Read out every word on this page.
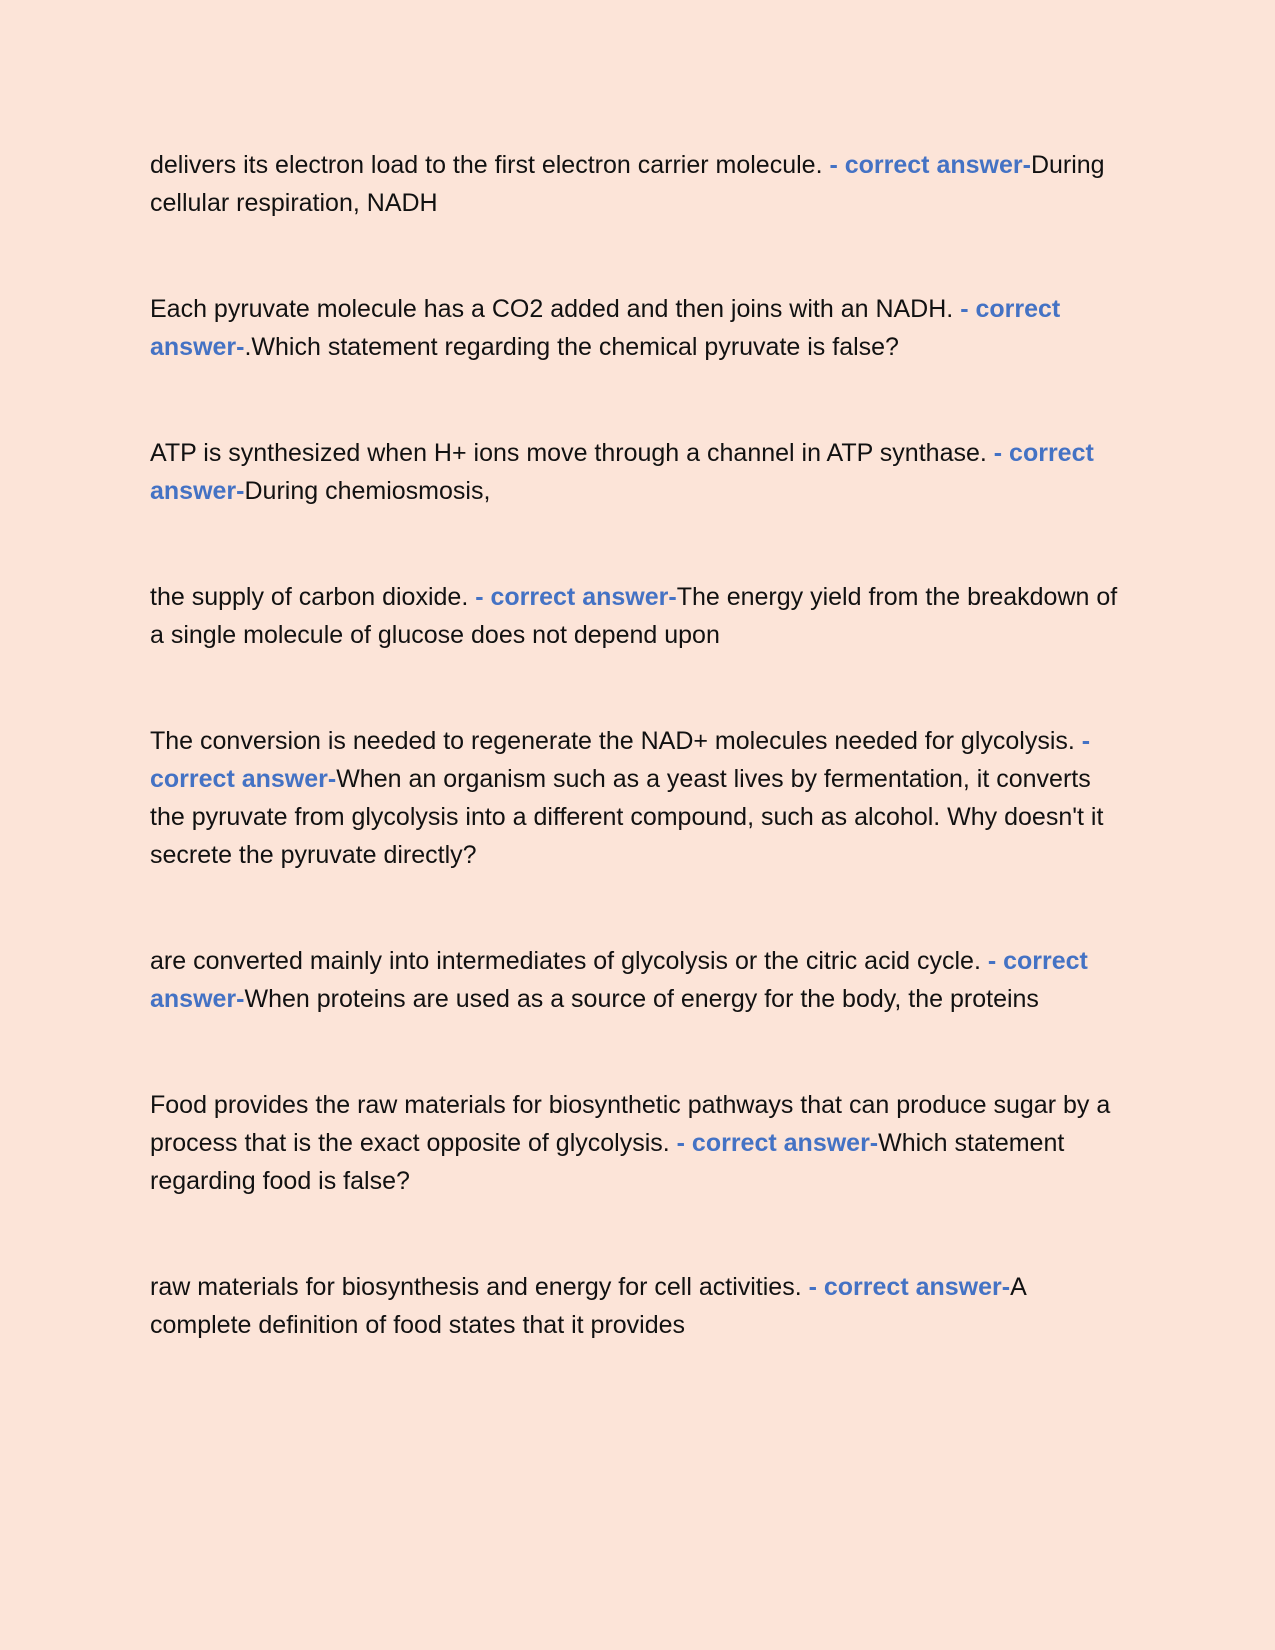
delivers its electron load to the first electron carrier molecule. - correct answer-During cellular respiration, NADH

Each pyruvate molecule has a CO2 added and then joins with an NADH. - correct answer-.Which statement regarding the chemical pyruvate is false?

ATP is synthesized when H+ ions move through a channel in ATP synthase. - correct answer-During chemiosmosis,

the supply of carbon dioxide. - correct answer-The energy yield from the breakdown of a single molecule of glucose does not depend upon

The conversion is needed to regenerate the NAD+ molecules needed for glycolysis. - correct answer-When an organism such as a yeast lives by fermentation, it converts the pyruvate from glycolysis into a different compound, such as alcohol. Why doesn't it secrete the pyruvate directly?

are converted mainly into intermediates of glycolysis or the citric acid cycle. - correct answer-When proteins are used as a source of energy for the body, the proteins

Food provides the raw materials for biosynthetic pathways that can produce sugar by a process that is the exact opposite of glycolysis. - correct answer-Which statement regarding food is false?

raw materials for biosynthesis and energy for cell activities. - correct answer-A complete definition of food states that it provides
